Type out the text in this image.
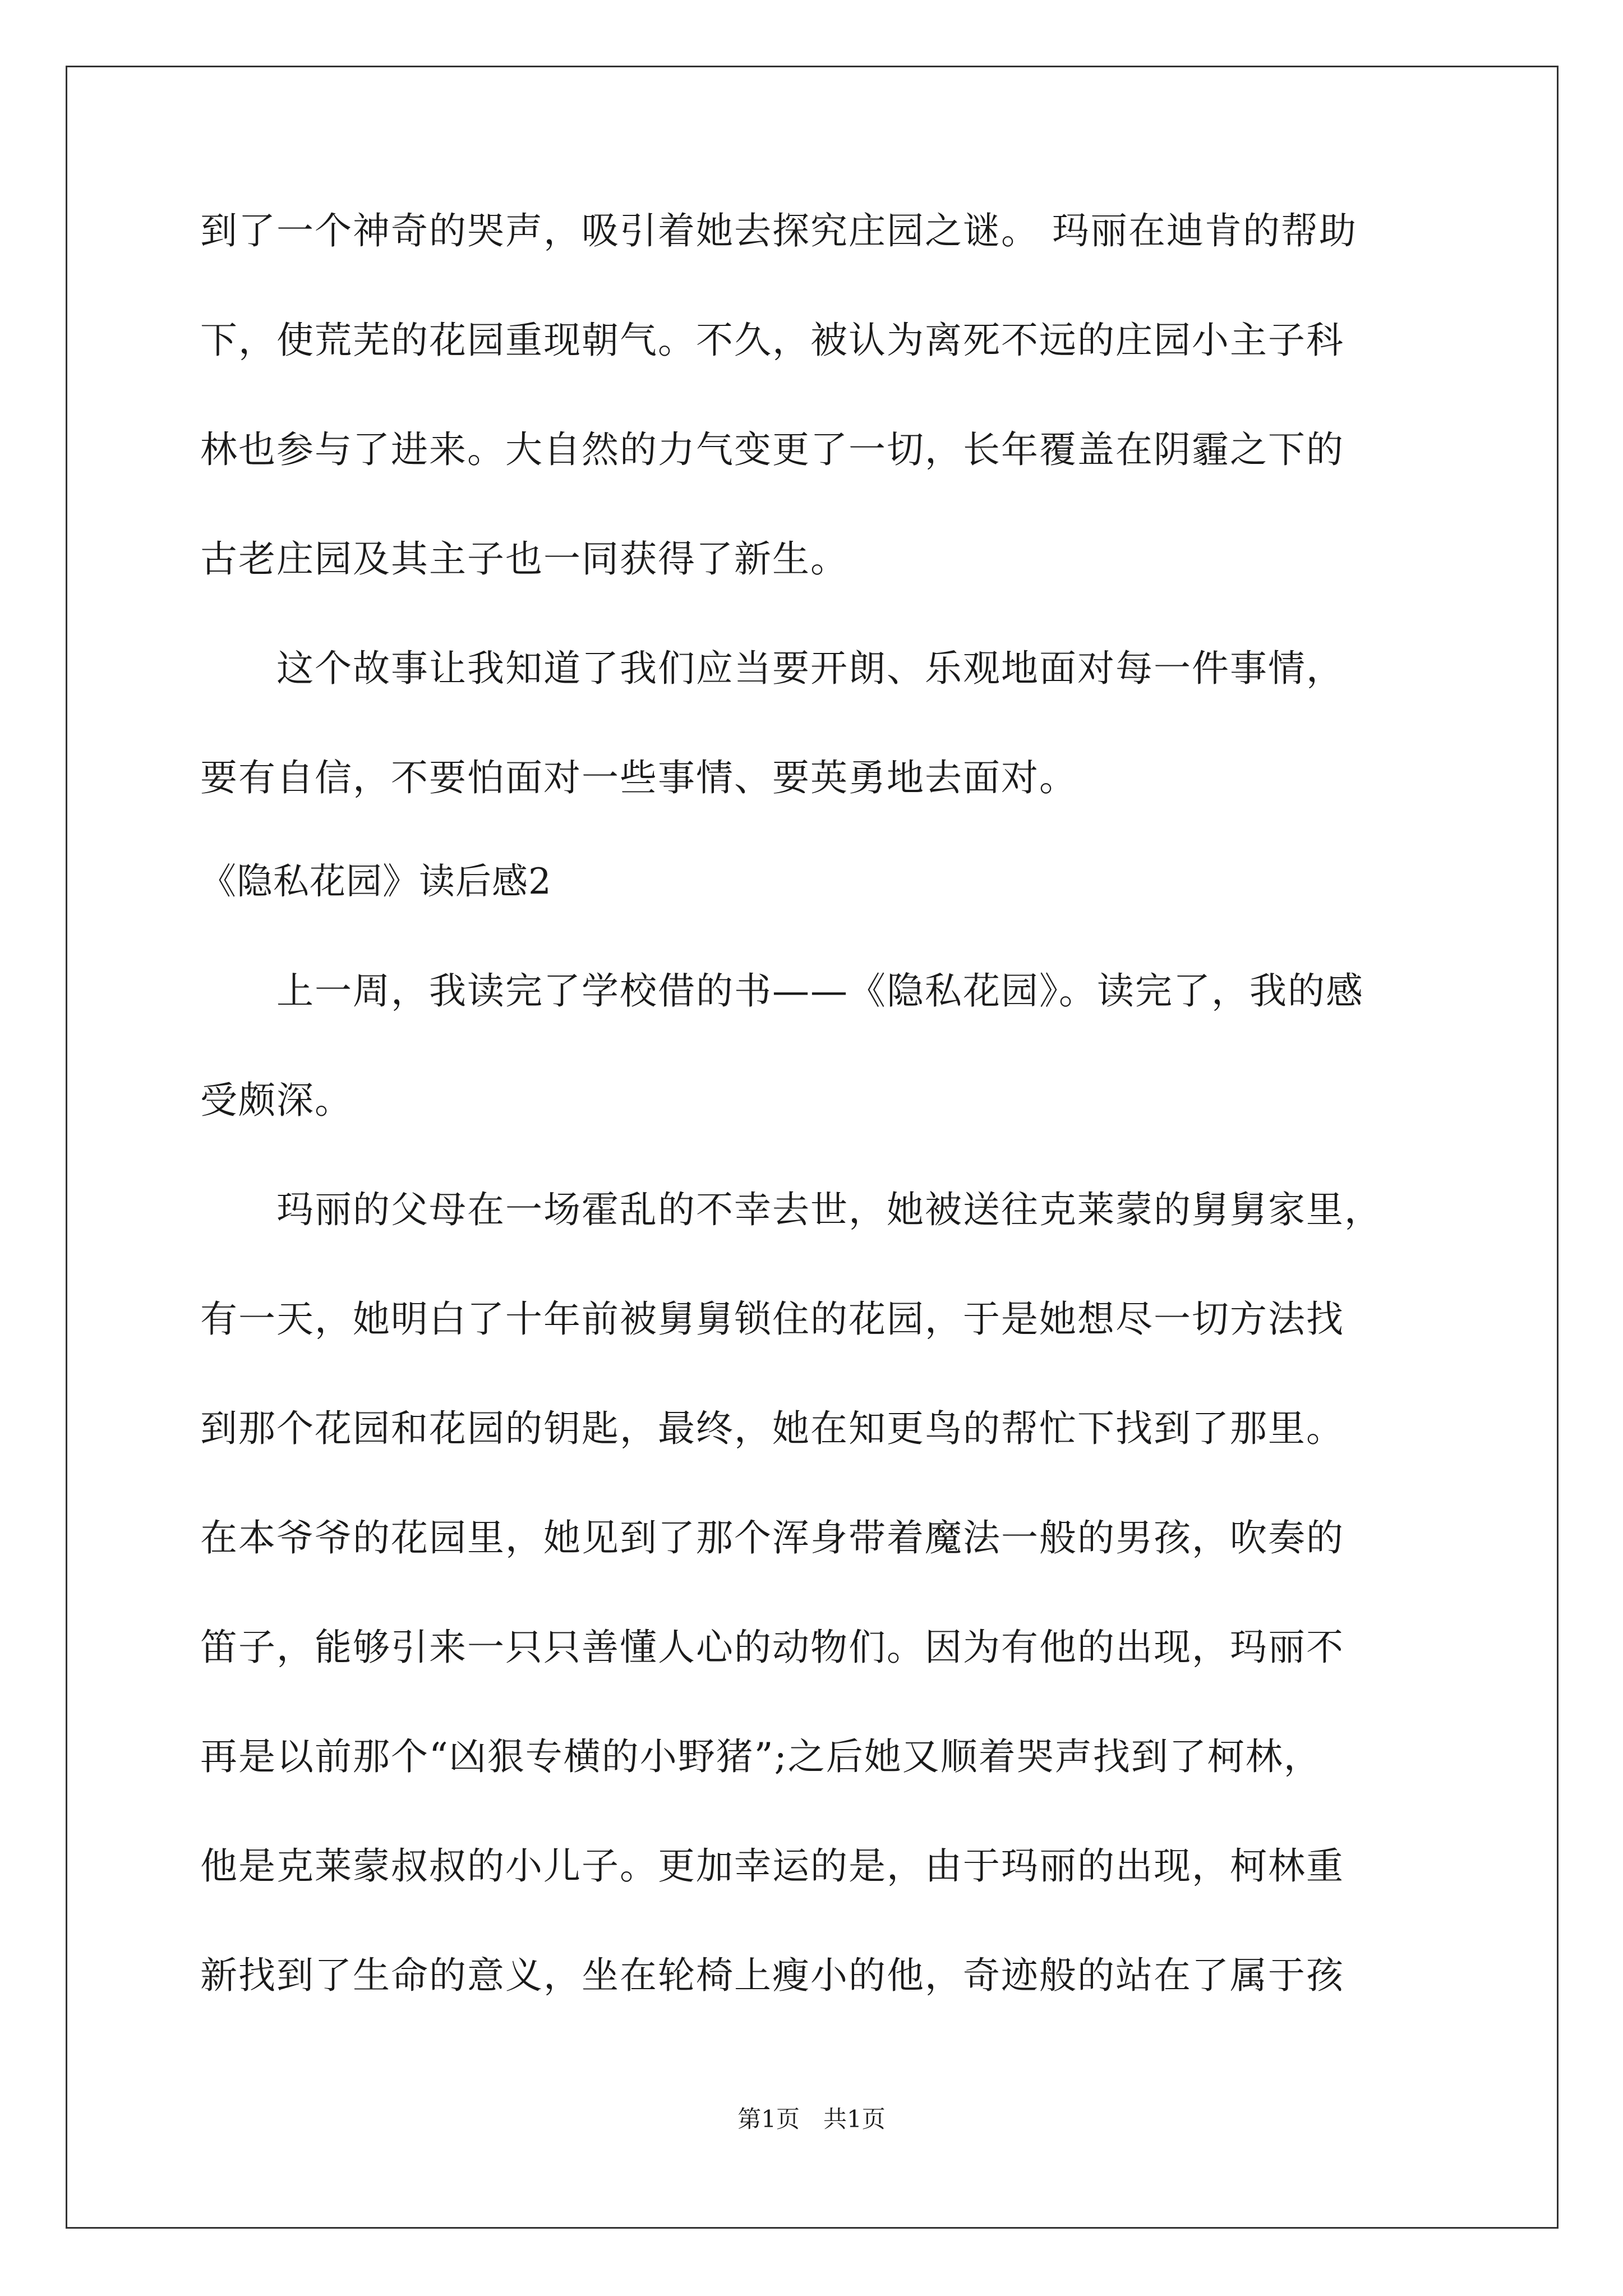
到了一个神奇的哭声，吸引着她去探究庄园之谜。 玛丽在迪肯的帮助
下，使荒芜的花园重现朝气。不久，被认为离死不远的庄园小主子科
林也参与了进来。大自然的力气变更了一切，长年覆盖在阴霾之下的
古老庄园及其主子也一同获得了新生。
　　这个故事让我知道了我们应当要开朗、乐观地面对每一件事情，
要有自信，不要怕面对一些事情、要英勇地去面对。
《隐私花园》读后感2
　　上一周，我读完了学校借的书——《隐私花园》。读完了，我的感
受颇深。
　　玛丽的父母在一场霍乱的不幸去世，她被送往克莱蒙的舅舅家里，
有一天，她明白了十年前被舅舅锁住的花园，于是她想尽一切方法找
到那个花园和花园的钥匙，最终，她在知更鸟的帮忙下找到了那里。
在本爷爷的花园里，她见到了那个浑身带着魔法一般的男孩，吹奏的
笛子，能够引来一只只善懂人心的动物们。因为有他的出现，玛丽不
再是以前那个“凶狠专横的小野猪”;之后她又顺着哭声找到了柯林，
他是克莱蒙叔叔的小儿子。更加幸运的是，由于玛丽的出现，柯林重
新找到了生命的意义，坐在轮椅上瘦小的他，奇迹般的站在了属于孩
第1页　共1页
